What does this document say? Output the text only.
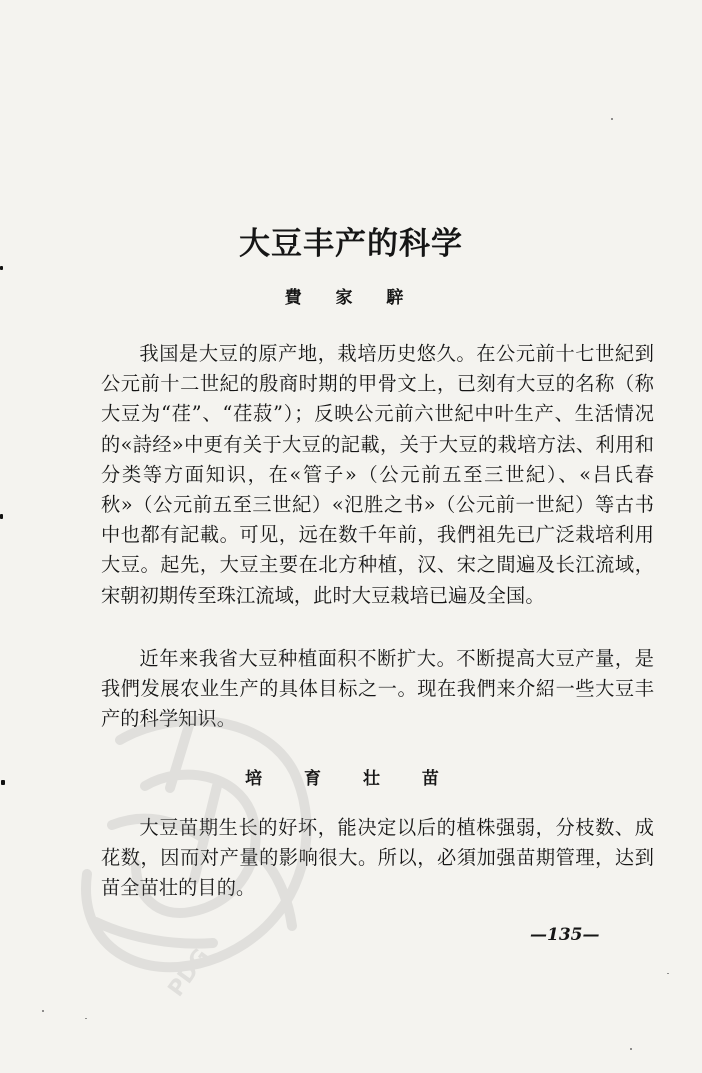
大豆丰产的科学
費 家 騂
我国是大豆的原产地，栽培历史悠久。在公元前十七世紀到公元前十二世紀的殷商时期的甲骨文上，已刻有大豆的名称（称大豆为“荏”、“荏菽”）；反映公元前六世紀中叶生产、生活情况的«詩经»中更有关于大豆的記載，关于大豆的栽培方法、利用和分类等方面知识，在«管子»（公元前五至三世紀）、«吕氏春秋»（公元前五至三世紀）«氾胜之书»（公元前一世紀）等古书中也都有記載。可见，远在数千年前，我們祖先已广泛栽培利用大豆。起先，大豆主要在北方种植，汉、宋之間遍及长江流域，宋朝初期传至珠江流域，此时大豆栽培已遍及全国。
近年来我省大豆种植面积不断扩大。不断提高大豆产量，是我們发展农业生产的具体目标之一。现在我們来介紹一些大豆丰产的科学知识。
培 育 壮 苗
大豆苗期生长的好坏，能决定以后的植株强弱，分枝数、成花数，因而对产量的影响很大。所以，必須加强苗期管理，达到苗全苗壮的目的。
—135—
PDG
